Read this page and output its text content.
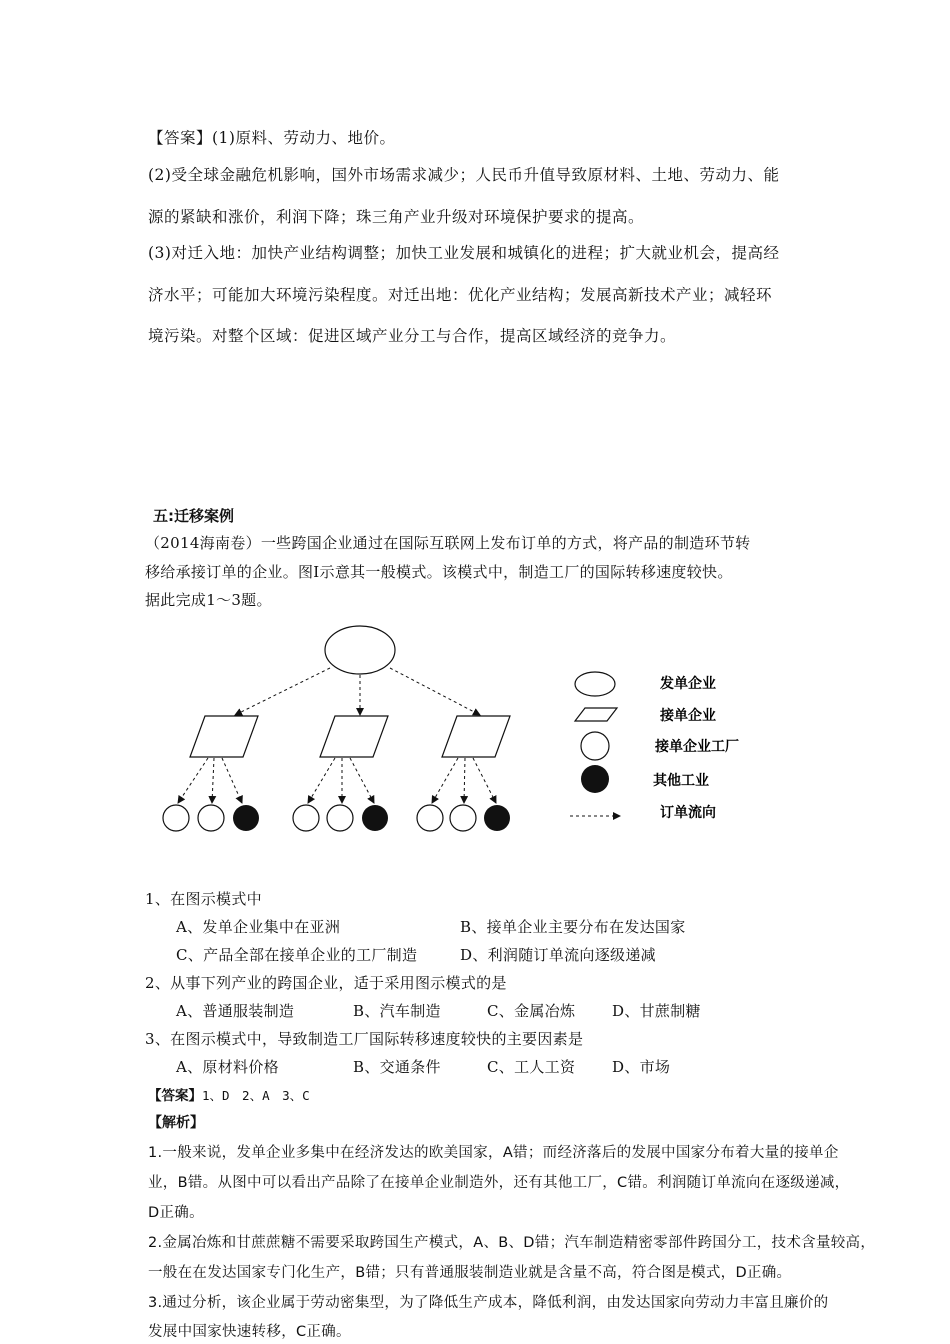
【答案】(1)原料、劳动力、地价。
(2)受全球金融危机影响，国外市场需求减少；人民币升值导致原材料、土地、劳动力、能
源的紧缺和涨价，利润下降；珠三角产业升级对环境保护要求的提高。
(3)对迁入地：加快产业结构调整；加快工业发展和城镇化的进程；扩大就业机会，提高经
济水平；可能加大环境污染程度。对迁出地：优化产业结构；发展高新技术产业；减轻环
境污染。对整个区域：促进区域产业分工与合作，提高区域经济的竞争力。
五:迁移案例
（2014海南卷）一些跨国企业通过在国际互联网上发布订单的方式，将产品的制造环节转
移给承接订单的企业。图Ⅰ示意其一般模式。该模式中，制造工厂的国际转移速度较快。
据此完成1～3题。
发单企业
接单企业
接单企业工厂
其他工业
订单流向
1、在图示模式中
A、发单企业集中在亚洲	B、接单企业主要分布在发达国家
C、产品全部在接单企业的工厂制造	D、利润随订单流向逐级递减
2、从事下列产业的跨国企业，适于采用图示模式的是
A、普通服装制造	B、汽车制造	C、金属冶炼 D、甘蔗制糖
3、在图示模式中，导致制造工厂国际转移速度较快的主要因素是
A、原材料价格	B、交通条件	C、工人工资 D、市场
【答案】1、D　2、A　3、C
【解析】
1.一般来说，发单企业多集中在经济发达的欧美国家，A错；而经济落后的发展中国家分布着大量的接单企
业，B错。从图中可以看出产品除了在接单企业制造外，还有其他工厂，C错。利润随订单流向在逐级递减，
D正确。
2.金属冶炼和甘蔗蔗糖不需要采取跨国生产模式，A、B、D错；汽车制造精密零部件跨国分工，技术含量较高，
一般在在发达国家专门化生产，B错；只有普通服装制造业就是含量不高，符合图是模式，D正确。
3.通过分析，该企业属于劳动密集型，为了降低生产成本，降低利润，由发达国家向劳动力丰富且廉价的
发展中国家快速转移，C正确。
